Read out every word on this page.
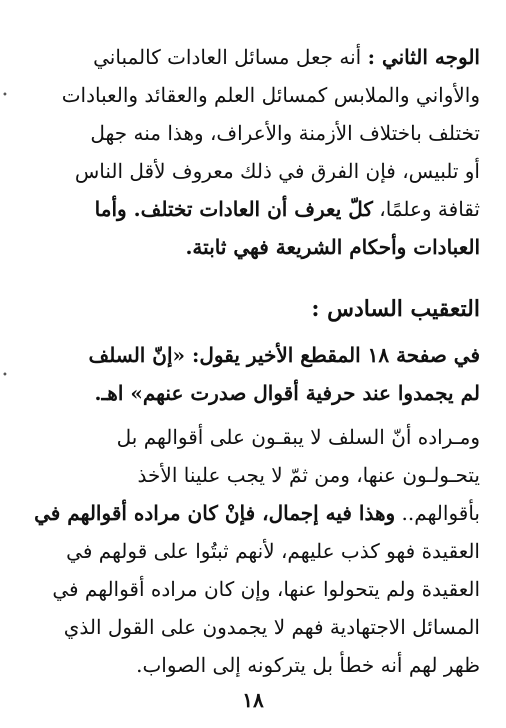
الوجه الثاني : أنه جعل مسائل العادات كالمباني
والأواني والملابس كمسائل العلم والعقائد والعبادات
تختلف باختلاف الأزمنة والأعراف، وهذا منه جهل
أو تلبيس، فإن الفرق في ذلك معروف لأقل الناس
ثقافة وعلمًا، كلّ يعرف أن العادات تختلف. وأما
العبادات وأحكام الشريعة فهي ثابتة.
التعقيب السادس :
في صفحة ١٨ المقطع الأخير يقول: «إنّ السلف
لم يجمدوا عند حرفية أقوال صدرت عنهم» اهـ.
ومـراده أنّ السلف لا يبقـون على أقوالهم بل
يتحـولـون عنها، ومن ثمّ لا يجب علينا الأخذ
بأقوالهم.. وهذا فيه إجمال، فإنْ كان مراده أقوالهم في
العقيدة فهو كذب عليهم، لأنهم ثبتُوا على قولهم في
العقيدة ولم يتحولوا عنها، وإن كان مراده أقوالهم في
المسائل الاجتهادية فهم لا يجمدون على القول الذي
ظهر لهم أنه خطأ بل يتركونه إلى الصواب.
١٨
•
•
